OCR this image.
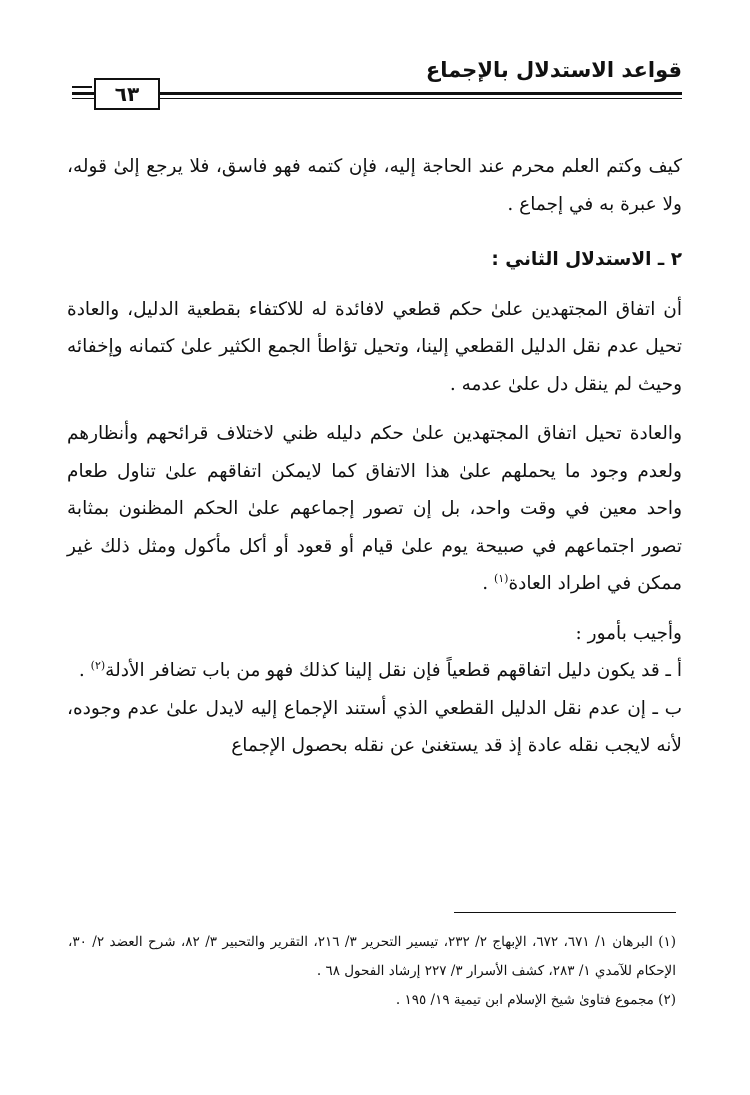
قواعد الاستدلال بالإجماع
٦٣

كيف وكتم العلم محرم عند الحاجة إليه، فإن كتمه فهو فاسق، فلا يرجع إلىٰ قوله، ولا عبرة به في إجماع .

٢ ـ الاستدلال الثاني :

أن اتفاق المجتهدين علىٰ حكم قطعي لافائدة له للاكتفاء بقطعية الدليل، والعادة تحيل عدم نقل الدليل القطعي إلينا، وتحيل تؤاطأ الجمع الكثير علىٰ كتمانه وإخفائه وحيث لم ينقل دل علىٰ عدمه .

والعادة تحيل اتفاق المجتهدين علىٰ حكم دليله ظني لاختلاف قرائحهم وأنظارهم ولعدم وجود ما يحملهم علىٰ هذا الاتفاق كما لايمكن اتفاقهم علىٰ تناول طعام واحد معين في وقت واحد، بل إن تصور إجماعهم علىٰ الحكم المظنون بمثابة تصور اجتماعهم في صبيحة يوم علىٰ قيام أو قعود أو أكل مأكول ومثل ذلك غير ممكن في اطراد العادة$^{(١)}$ .

وأجيب بأمور :

أ ـ قد يكون دليل اتفاقهم قطعياً فإن نقل إلينا كذلك فهو من باب تضافر الأدلة$^{(٢)}$ .

ب ـ إن عدم نقل الدليل القطعي الذي أستند الإجماع إليه لايدل علىٰ عدم وجوده، لأنه لايجب نقله عادة إذ قد يستغنىٰ عن نقله بحصول الإجماع

(١) البرهان ١/ ٦٧١، ٦٧٢، الإبهاج ٢/ ٢٣٢، تيسير التحرير ٣/ ٢١٦، التقرير والتحبير ٣/ ٨٢، شرح العضد ٢/ ٣٠، الإحكام للآمدي ١/ ٢٨٣، كشف الأسرار ٣/ ٢٢٧ إرشاد الفحول ٦٨ .

(٢) مجموع فتاوىٰ شيخ الإسلام ابن تيمية ١٩/ ١٩٥ .
